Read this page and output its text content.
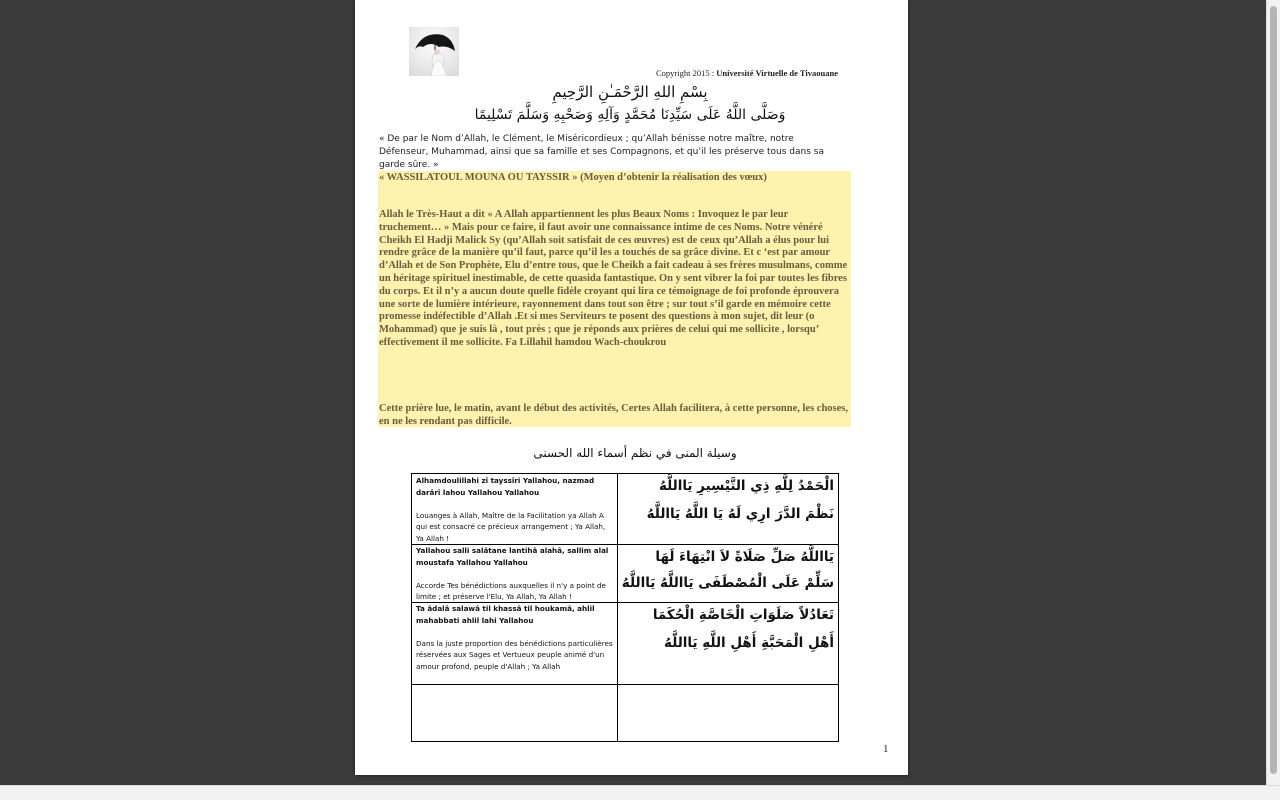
Copyright 2015 : Université Virtuelle de Tivaouane
بِسْمِ اللهِ الرَّحْمَـٰنِ الرَّحِيمِ
وَصَلَّى اللَّهُ عَلَى سَيِّدِنَا مُحَمَّدٍ وَآلِهِ وَصَحْبِهِ وَسَلَّمَ تَسْلِيمًا
« De par le Nom d’Allah, le Clément, le Miséricordieux ; qu’Allah bénisse notre maître, notre Défenseur, Muhammad, ainsi que sa famille et ses Compagnons, et qu’il les préserve tous dans sa garde sûre. »
« WASSILATOUL MOUNA OU TAYSSIR » (Moyen d’obtenir la réalisation des vœux)
Allah le Très-Haut a dit « A Allah appartiennent les plus Beaux Noms : Invoquez le par leur truchement… » Mais pour ce faire, il faut avoir une connaissance intime de ces Noms. Notre vénéré Cheikh El Hadji Malick Sy (qu’Allah soit satisfait de ces œuvres) est de ceux qu’Allah a élus pour lui rendre grâce de la manière qu’il faut, parce qu’il les a touchés de sa grâce divine. Et c ‘est par amour d’Allah et de Son Prophète, Elu d’entre tous, que le Cheikh a fait cadeau à ses frères musulmans, comme un héritage spirituel inestimable, de cette quasida fantastique. On y sent vibrer la foi par toutes les fibres du corps. Et il n’y a aucun doute quelle fidèle croyant qui lira ce témoignage de foi profonde éprouvera une sorte de lumière intérieure, rayonnement dans tout son être ; sur tout s’il garde en mémoire cette promesse indéfectible d’Allah .Et si mes Serviteurs te posent des questions à mon sujet, dit leur (o Mohammad) que je suis là , tout près ; que je réponds aux prières de celui qui me sollicite , lorsqu’ effectivement il me sollicite. Fa Lillahil hamdou Wach-choukrou
Cette prière lue, le matin, avant le début des activités, Certes Allah facilitera, à cette personne, les choses, en ne les rendant pas difficile.
وسيلة المنى في نظم أسماء الله الحسنى
Alhamdoulillahi zî tayssîri Yallahou, nazmad darârî lahou Yallahou Yallahou
Louanges à Allah, Maître de la Facilitation ya Allah A qui est consacré ce précieux arrangement ; Ya Allah, Ya Allah !
الْحَمْدُ لِلَّهِ ذِي التَّيْسِيرِ يَااللَّهُ
نَظْمَ الدَّرَ ارِي لَهُ يَا اللَّهُ يَااللَّهُ
Yallahou salli salâtane lantihâ alahâ, sallim alal moustafa Yallahou Yallahou
Accorde Tes bénédictions auxquelles il n'y a point de limite ; et préserve l'Elu, Ya Allah, Ya Allah !
يَااللَّهُ صَلِّ صَلَاةً لاَ انْتِهَاءَ لَهَا
سَلِّمْ عَلَى الْمُصْطَفَى يَااللَّهُ يَااللَّهُ
Ta âdalâ salawâ til khassâ til houkamâ, ahlil mahabbati ahlil lahi Yallahou
Dans la juste proportion des bénédictions particulières réservées aux Sages et Vertueux peuple animé d'un amour profond, peuple d'Allah ; Ya Allah
تَعَادُلاً صَلَوَاتِ الْخَاصَّةِ الْحُكَمَا
أَهْلِ الْمَحَبَّةِ أَهْلِ اللَّهِ يَااللَّهُ
1
